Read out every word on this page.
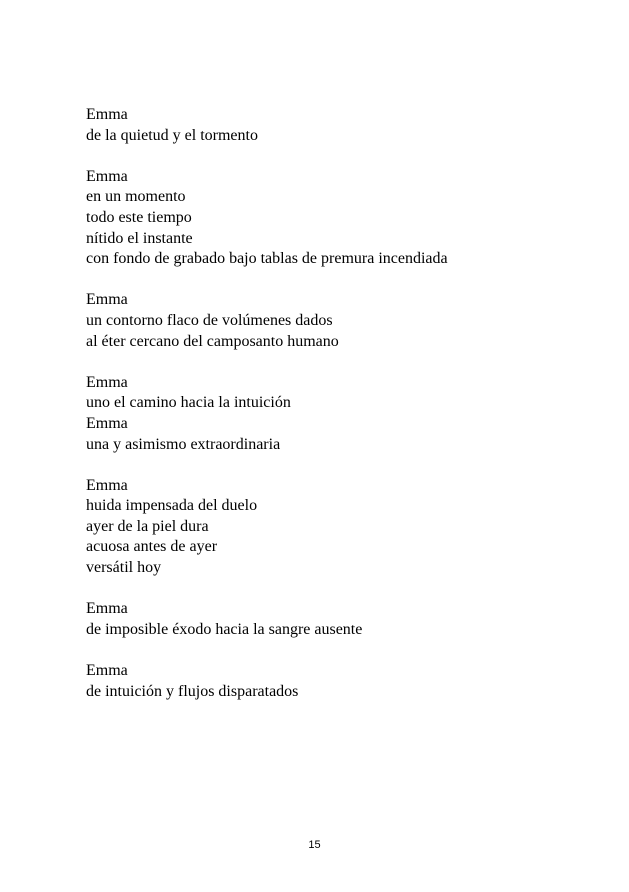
Emma
de la quietud y el tormento
Emma
en un momento
todo este tiempo
nítido el instante
con fondo de grabado bajo tablas de premura incendiada
Emma
un contorno flaco de volúmenes dados
al éter cercano del camposanto humano
Emma
uno el camino hacia la intuición
Emma
una y asimismo extraordinaria
Emma
huida impensada del duelo
ayer de la piel dura
acuosa antes de ayer
versátil hoy
Emma
de imposible éxodo hacia la sangre ausente
Emma
de intuición y flujos disparatados
15
